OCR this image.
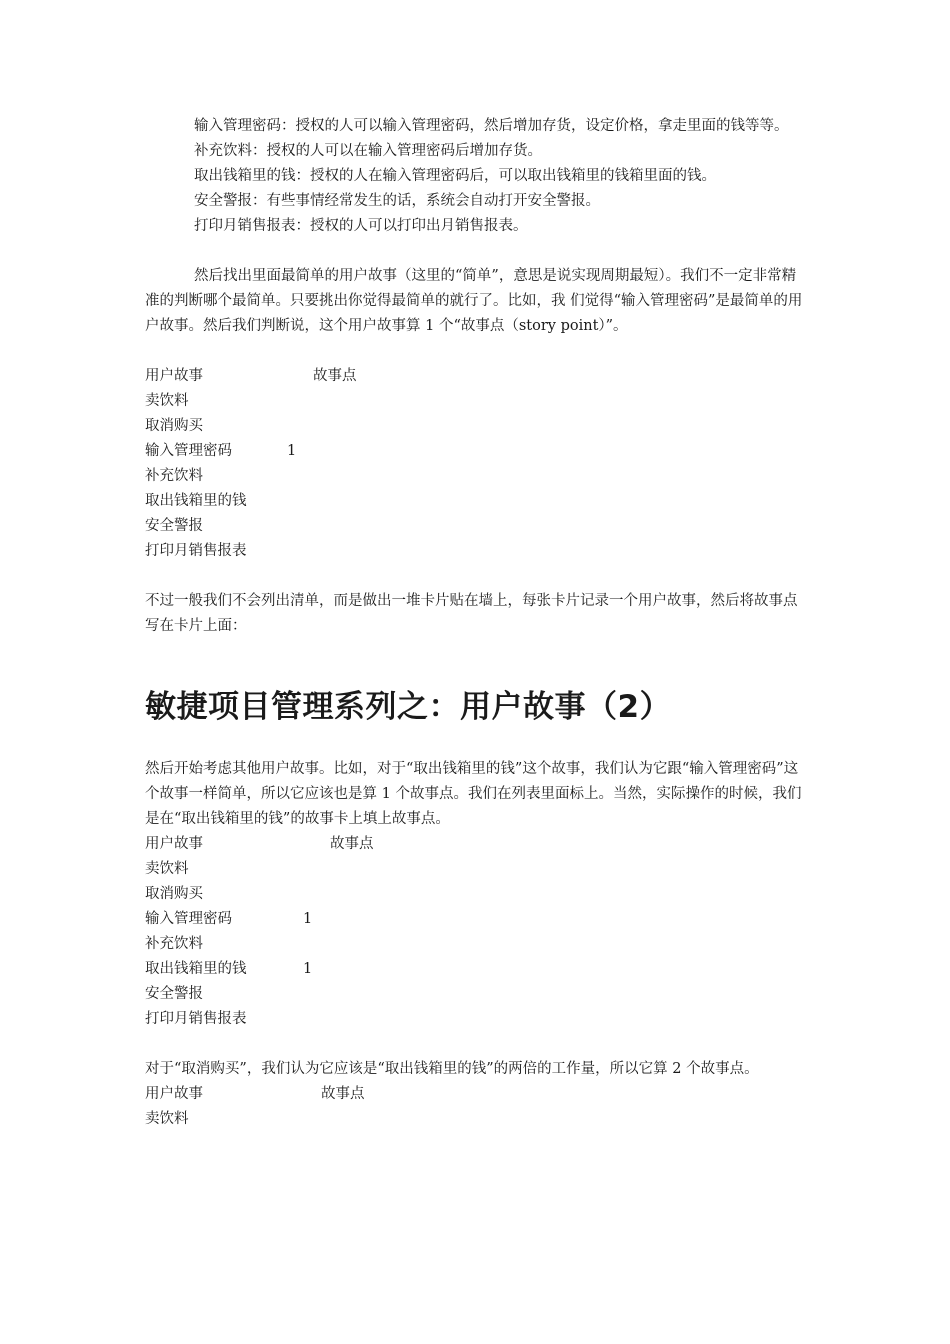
输入管理密码：授权的人可以输入管理密码，然后增加存货，设定价格，拿走里面的钱等等。

补充饮料：授权的人可以在输入管理密码后增加存货。

取出钱箱里的钱：授权的人在输入管理密码后，可以取出钱箱里的钱箱里面的钱。

安全警报：有些事情经常发生的话，系统会自动打开安全警报。

打印月销售报表：授权的人可以打印出月销售报表。

然后找出里面最简单的用户故事（这里的“简单”，意思是说实现周期最短）。我们不一定非常精准的判断哪个最简单。只要挑出你觉得最简单的就行了。比如，我 们觉得“输入管理密码”是最简单的用户故事。然后我们判断说，这个用户故事算 1 个“故事点（story point）”。

用户故事	故事点
卖饮料
取消购买
输入管理密码	1
补充饮料
取出钱箱里的钱
安全警报
打印月销售报表

不过一般我们不会列出清单，而是做出一堆卡片贴在墙上，每张卡片记录一个用户故事，然后将故事点写在卡片上面：

敏捷项目管理系列之：用户故事（2）

然后开始考虑其他用户故事。比如，对于“取出钱箱里的钱”这个故事，我们认为它跟“输入管理密码”这个故事一样简单，所以它应该也是算 1 个故事点。我们在列表里面标上。当然，实际操作的时候，我们是在“取出钱箱里的钱”的故事卡上填上故事点。

用户故事	故事点
卖饮料
取消购买
输入管理密码	1
补充饮料
取出钱箱里的钱	1
安全警报
打印月销售报表

对于“取消购买”，我们认为它应该是“取出钱箱里的钱”的两倍的工作量，所以它算 2 个故事点。

用户故事	故事点
卖饮料
